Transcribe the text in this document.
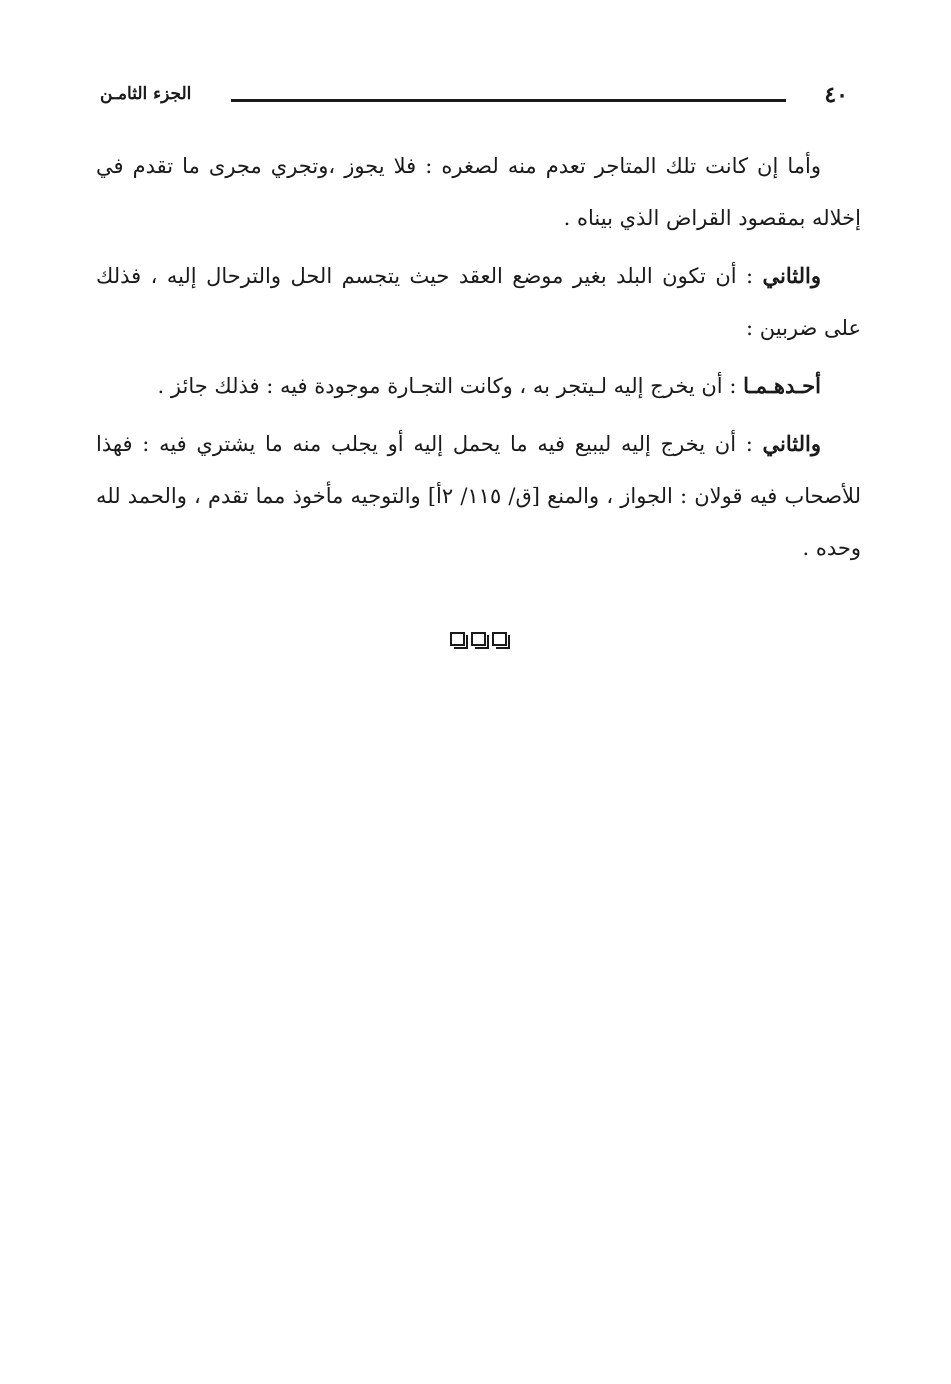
٤٠
الجزء الثامـن

وأما إن كانت تلك المتاجر تعدم منه لصغره : فلا يجوز ،وتجري مجرى ما تقدم في إخلاله بمقصود القراض الذي بيناه .

والثاني : أن تكون البلد بغير موضع العقد حيث يتجسم الحل والترحال إليه ، فذلك على ضربين :

أحـدهـمـا : أن يخرج إليه لـيتجر به ، وكانت التجـارة موجودة فيه : فذلك جائز .

والثاني : أن يخرج إليه ليبيع فيه ما يحمل إليه أو يجلب منه ما يشتري فيه : فهذا للأصحاب فيه قولان : الجواز ، والمنع [ق/ ١١٥/ ٢أ] والتوجيه مأخوذ مما تقدم ، والحمد لله وحده .
